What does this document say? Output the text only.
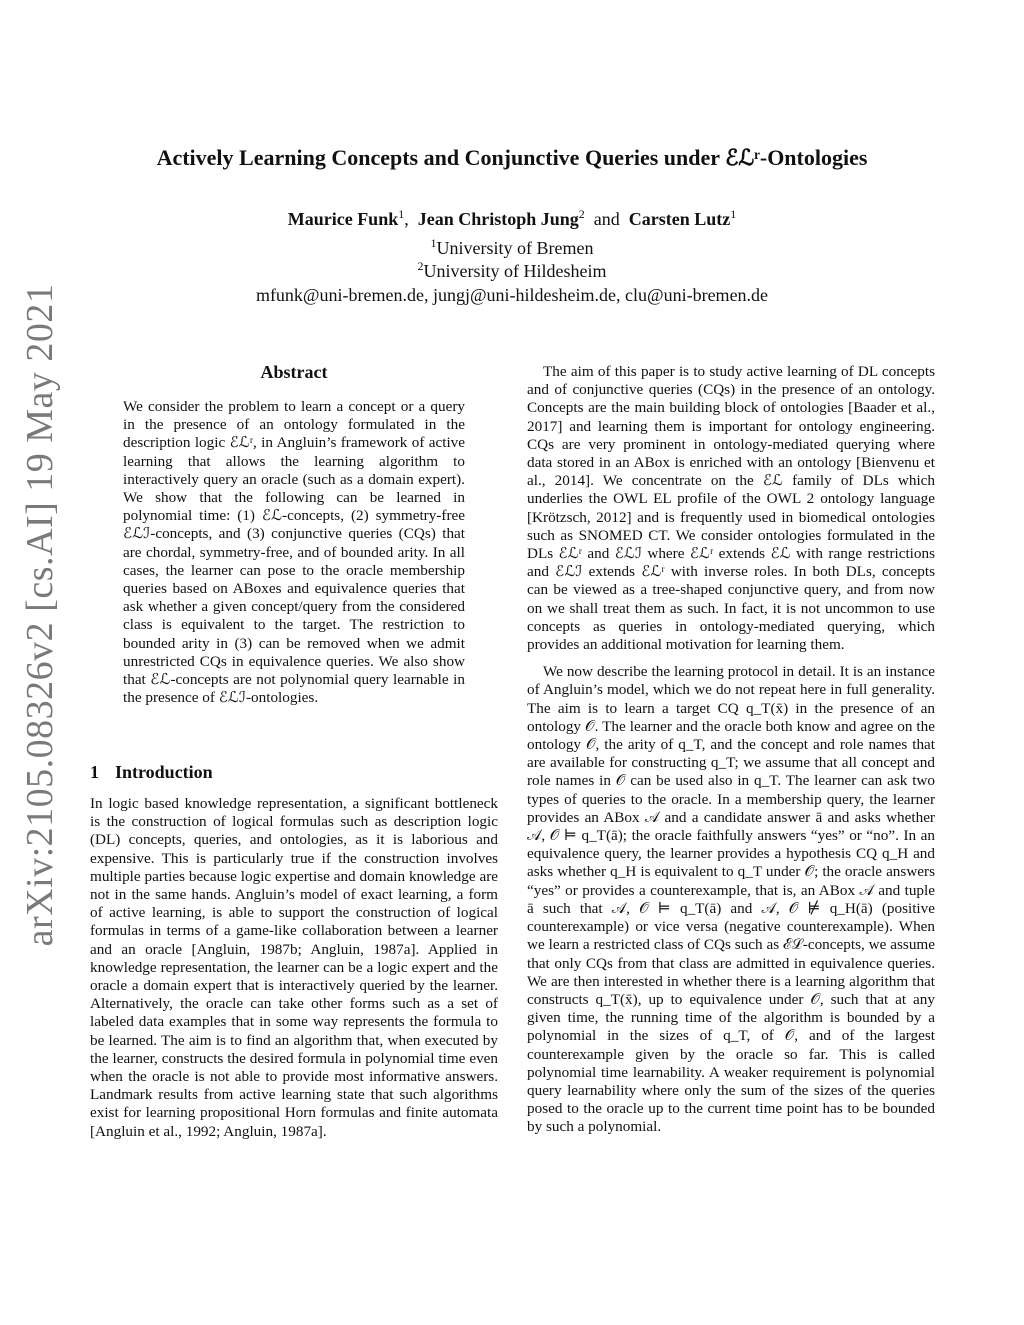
arXiv:2105.08326v2 [cs.AI] 19 May 2021
Actively Learning Concepts and Conjunctive Queries under ℰℒʳ-Ontologies
Maurice Funk$^1$, Jean Christoph Jung$^2$ and Carsten Lutz$^1$
$^1$University of Bremen
$^2$University of Hildesheim
mfunk@uni-bremen.de, jungj@uni-hildesheim.de, clu@uni-bremen.de
Abstract

We consider the problem to learn a concept or a query in the presence of an ontology formulated in the description logic ℰℒʳ, in Angluin’s framework of active learning that allows the learning algorithm to interactively query an oracle (such as a domain expert). We show that the following can be learned in polynomial time: (1) ℰℒ-concepts, (2) symmetry-free ℰℒℐ-concepts, and (3) conjunctive queries (CQs) that are chordal, symmetry-free, and of bounded arity. In all cases, the learner can pose to the oracle membership queries based on ABoxes and equivalence queries that ask whether a given concept/query from the considered class is equivalent to the target. The restriction to bounded arity in (3) can be removed when we admit unrestricted CQs in equivalence queries. We also show that ℰℒ-concepts are not polynomial query learnable in the presence of ℰℒℐ-ontologies.

1 Introduction

In logic based knowledge representation, a significant bottleneck is the construction of logical formulas such as description logic (DL) concepts, queries, and ontologies, as it is laborious and expensive. This is particularly true if the construction involves multiple parties because logic expertise and domain knowledge are not in the same hands. Angluin’s model of exact learning, a form of active learning, is able to support the construction of logical formulas in terms of a game-like collaboration between a learner and an oracle [Angluin, 1987b; Angluin, 1987a]. Applied in knowledge representation, the learner can be a logic expert and the oracle a domain expert that is interactively queried by the learner. Alternatively, the oracle can take other forms such as a set of labeled data examples that in some way represents the formula to be learned. The aim is to find an algorithm that, when executed by the learner, constructs the desired formula in polynomial time even when the oracle is not able to provide most informative answers. Landmark results from active learning state that such algorithms exist for learning propositional Horn formulas and finite automata [Angluin et al., 1992; Angluin, 1987a].

The aim of this paper is to study active learning of DL concepts and of conjunctive queries (CQs) in the presence of an ontology. Concepts are the main building block of ontologies [Baader et al., 2017] and learning them is important for ontology engineering. CQs are very prominent in ontology-mediated querying where data stored in an ABox is enriched with an ontology [Bienvenu et al., 2014]. We concentrate on the ℰℒ family of DLs which underlies the OWL EL profile of the OWL 2 ontology language [Krötzsch, 2012] and is frequently used in biomedical ontologies such as SNOMED CT. We consider ontologies formulated in the DLs ℰℒʳ and ℰℒℐ where ℰℒʳ extends ℰℒ with range restrictions and ℰℒℐ extends ℰℒʳ with inverse roles. In both DLs, concepts can be viewed as a tree-shaped conjunctive query, and from now on we shall treat them as such. In fact, it is not uncommon to use concepts as queries in ontology-mediated querying, which provides an additional motivation for learning them.

We now describe the learning protocol in detail. It is an instance of Angluin’s model, which we do not repeat here in full generality. The aim is to learn a target CQ q_T(x̄) in the presence of an ontology 𝒪. The learner and the oracle both know and agree on the ontology 𝒪, the arity of q_T, and the concept and role names that are available for constructing q_T; we assume that all concept and role names in 𝒪 can be used also in q_T. The learner can ask two types of queries to the oracle. In a membership query, the learner provides an ABox 𝒜 and a candidate answer ā and asks whether 𝒜, 𝒪 ⊨ q_T(ā); the oracle faithfully answers “yes” or “no”. In an equivalence query, the learner provides a hypothesis CQ q_H and asks whether q_H is equivalent to q_T under 𝒪; the oracle answers “yes” or provides a counterexample, that is, an ABox 𝒜 and tuple ā such that 𝒜, 𝒪 ⊨ q_T(ā) and 𝒜, 𝒪 ⊭ q_H(ā) (positive counterexample) or vice versa (negative counterexample). When we learn a restricted class of CQs such as ℰℒ-concepts, we assume that only CQs from that class are admitted in equivalence queries. We are then interested in whether there is a learning algorithm that constructs q_T(x̄), up to equivalence under 𝒪, such that at any given time, the running time of the algorithm is bounded by a polynomial in the sizes of q_T, of 𝒪, and of the largest counterexample given by the oracle so far. This is called polynomial time learnability. A weaker requirement is polynomial query learnability where only the sum of the sizes of the queries posed to the oracle up to the current time point has to be bounded by such a polynomial.
